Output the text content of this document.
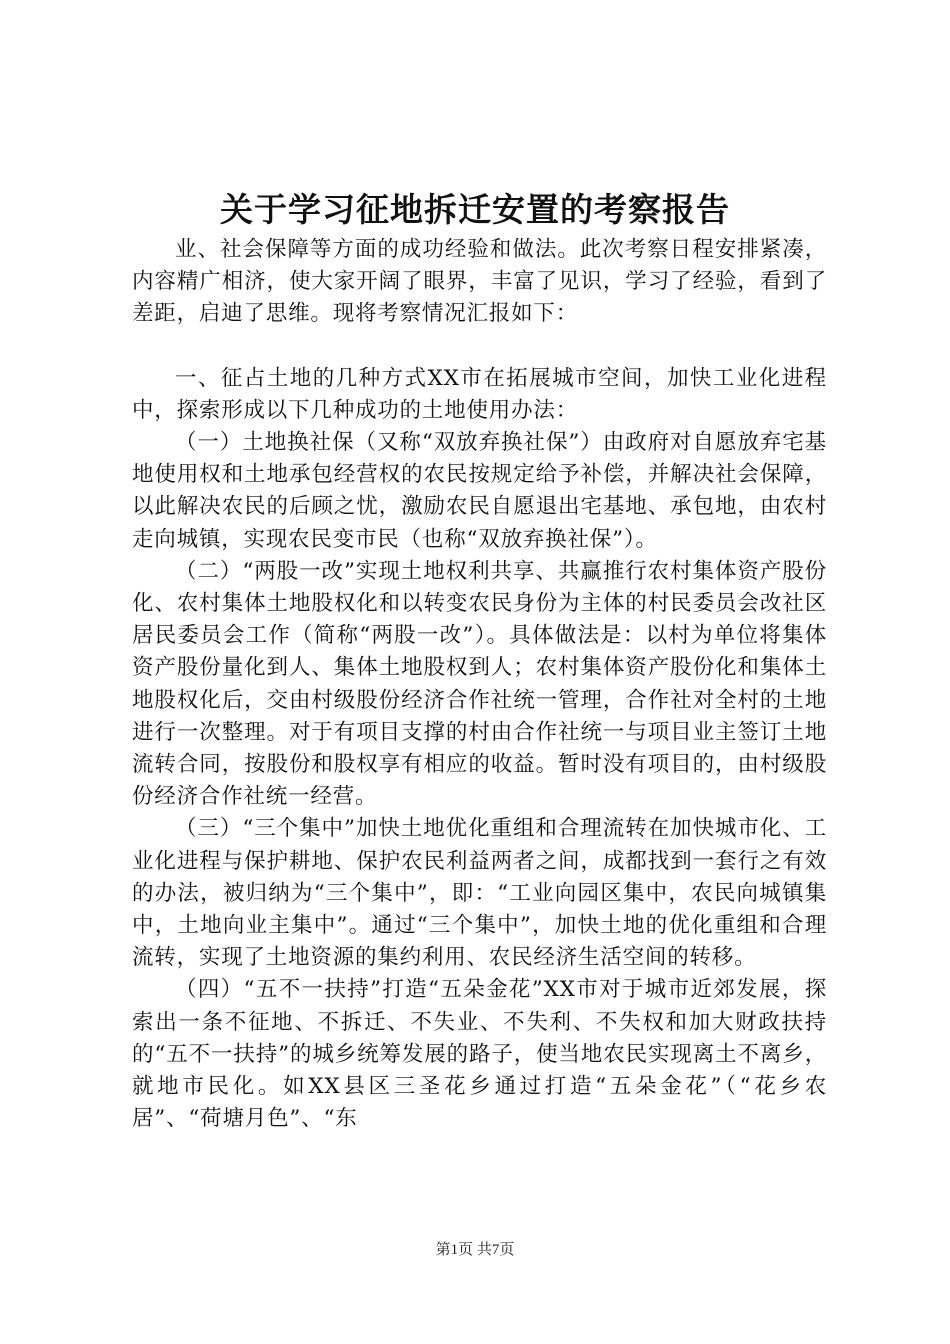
关于学习征地拆迁安置的考察报告

业、社会保障等方面的成功经验和做法。此次考察日程安排紧凑，内容精广相济，使大家开阔了眼界，丰富了见识，学习了经验，看到了差距，启迪了思维。现将考察情况汇报如下：

一、征占土地的几种方式XX市在拓展城市空间，加快工业化进程中，探索形成以下几种成功的土地使用办法：

（一）土地换社保（又称“双放弃换社保”）由政府对自愿放弃宅基地使用权和土地承包经营权的农民按规定给予补偿，并解决社会保障，以此解决农民的后顾之忧，激励农民自愿退出宅基地、承包地，由农村走向城镇，实现农民变市民（也称“双放弃换社保”）。

（二）“两股一改”实现土地权利共享、共赢推行农村集体资产股份化、农村集体土地股权化和以转变农民身份为主体的村民委员会改社区居民委员会工作（简称“两股一改”）。具体做法是：以村为单位将集体资产股份量化到人、集体土地股权到人；农村集体资产股份化和集体土地股权化后，交由村级股份经济合作社统一管理，合作社对全村的土地进行一次整理。对于有项目支撑的村由合作社统一与项目业主签订土地流转合同，按股份和股权享有相应的收益。暂时没有项目的，由村级股份经济合作社统一经营。

（三）“三个集中”加快土地优化重组和合理流转在加快城市化、工业化进程与保护耕地、保护农民利益两者之间，成都找到一套行之有效的办法，被归纳为“三个集中”，即：“工业向园区集中，农民向城镇集中，土地向业主集中”。通过“三个集中”，加快土地的优化重组和合理流转，实现了土地资源的集约利用、农民经济生活空间的转移。

（四）“五不一扶持”打造“五朵金花”XX市对于城市近郊发展，探索出一条不征地、不拆迁、不失业、不失利、不失权和加大财政扶持的“五不一扶持”的城乡统筹发展的路子，使当地农民实现离土不离乡，就地市民化。如XX县区三圣花乡通过打造“五朵金花”（“花乡农居”、“荷塘月色”、“东

第1页 共7页
